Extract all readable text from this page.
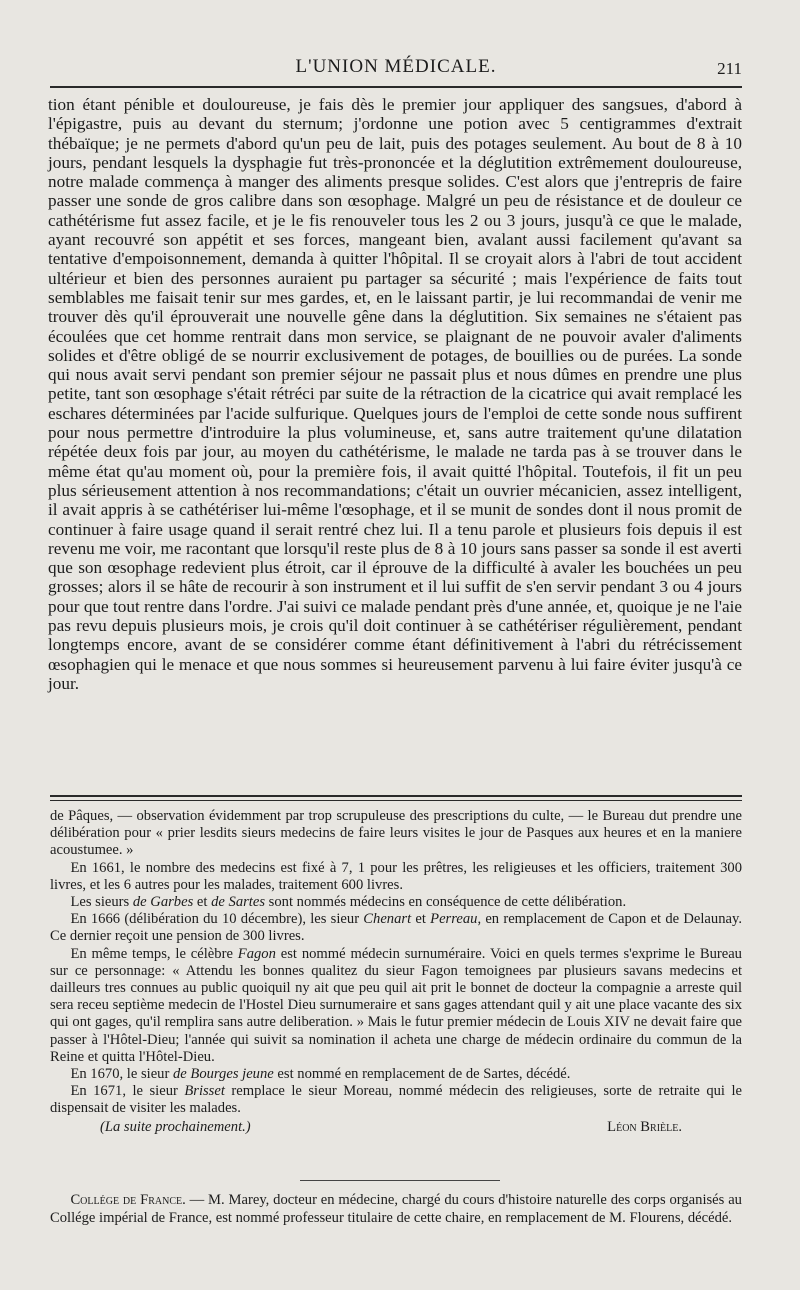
L'UNION MÉDICALE.	211

tion étant pénible et douloureuse, je fais dès le premier jour appliquer des sangsues, d'abord à l'épigastre, puis au devant du sternum; j'ordonne une potion avec 5 centigrammes d'extrait thébaïque; je ne permets d'abord qu'un peu de lait, puis des potages seulement. Au bout de 8 à 10 jours, pendant lesquels la dysphagie fut très-prononcée et la déglutition extrêmement douloureuse, notre malade commença à manger des aliments presque solides. C'est alors que j'entrepris de faire passer une sonde de gros calibre dans son œsophage. Malgré un peu de résistance et de douleur ce cathétérisme fut assez facile, et je le fis renouveler tous les 2 ou 3 jours, jusqu'à ce que le malade, ayant recouvré son appétit et ses forces, mangeant bien, avalant aussi facilement qu'avant sa tentative d'empoisonnement, demanda à quitter l'hôpital. Il se croyait alors à l'abri de tout accident ultérieur et bien des personnes auraient pu partager sa sécurité ; mais l'expérience de faits tout semblables me faisait tenir sur mes gardes, et, en le laissant partir, je lui recommandai de venir me trouver dès qu'il éprouverait une nouvelle gêne dans la déglutition. Six semaines ne s'étaient pas écoulées que cet homme rentrait dans mon service, se plaignant de ne pouvoir avaler d'aliments solides et d'être obligé de se nourrir exclusivement de potages, de bouillies ou de purées. La sonde qui nous avait servi pendant son premier séjour ne passait plus et nous dûmes en prendre une plus petite, tant son œsophage s'était rétréci par suite de la rétraction de la cicatrice qui avait remplacé les eschares déterminées par l'acide sulfurique. Quelques jours de l'emploi de cette sonde nous suffirent pour nous permettre d'introduire la plus volumineuse, et, sans autre traitement qu'une dilatation répétée deux fois par jour, au moyen du cathétérisme, le malade ne tarda pas à se trouver dans le même état qu'au moment où, pour la première fois, il avait quitté l'hôpital. Toutefois, il fit un peu plus sérieusement attention à nos recommandations; c'était un ouvrier mécanicien, assez intelligent, il avait appris à se cathétériser lui-même l'œsophage, et il se munit de sondes dont il nous promit de continuer à faire usage quand il serait rentré chez lui. Il a tenu parole et plusieurs fois depuis il est revenu me voir, me racontant que lorsqu'il reste plus de 8 à 10 jours sans passer sa sonde il est averti que son œsophage redevient plus étroit, car il éprouve de la difficulté à avaler les bouchées un peu grosses; alors il se hâte de recourir à son instrument et il lui suffit de s'en servir pendant 3 ou 4 jours pour que tout rentre dans l'ordre. J'ai suivi ce malade pendant près d'une année, et, quoique je ne l'aie pas revu depuis plusieurs mois, je crois qu'il doit continuer à se cathétériser régulièrement, pendant longtemps encore, avant de se considérer comme étant définitivement à l'abri du rétrécissement œsophagien qui le menace et que nous sommes si heureusement parvenu à lui faire éviter jusqu'à ce jour.

de Pâques, — observation évidemment par trop scrupuleuse des prescriptions du culte, — le Bureau dut prendre une délibération pour « prier lesdits sieurs medecins de faire leurs visites le jour de Pasques aux heures et en la maniere acoustumee. »

En 1661, le nombre des medecins est fixé à 7, 1 pour les prêtres, les religieuses et les officiers, traitement 300 livres, et les 6 autres pour les malades, traitement 600 livres.

Les sieurs de Garbes et de Sartes sont nommés médecins en conséquence de cette délibération.

En 1666 (délibération du 10 décembre), les sieur Chenart et Perreau, en remplacement de Capon et de Delaunay. Ce dernier reçoit une pension de 300 livres.

En même temps, le célèbre Fagon est nommé médecin surnuméraire. Voici en quels termes s'exprime le Bureau sur ce personnage: « Attendu les bonnes qualitez du sieur Fagon temoignees par plusieurs savans medecins et dailleurs tres connues au public quoiquil ny ait que peu quil ait prit le bonnet de docteur la compagnie a arreste quil sera receu septième medecin de l'Hostel Dieu surnumeraire et sans gages attendant quil y ait une place vacante des six qui ont gages, qu'il remplira sans autre deliberation. » Mais le futur premier médecin de Louis XIV ne devait faire que passer à l'Hôtel-Dieu; l'année qui suivit sa nomination il acheta une charge de médecin ordinaire du commun de la Reine et quitta l'Hôtel-Dieu.

En 1670, le sieur de Bourges jeune est nommé en remplacement de de Sartes, décédé.

En 1671, le sieur Brisset remplace le sieur Moreau, nommé médecin des religieuses, sorte de retraite qui le dispensait de visiter les malades.

(La suite prochainement.)	Léon Brièle.

Collége de France. — M. Marey, docteur en médecine, chargé du cours d'histoire naturelle des corps organisés au Collége impérial de France, est nommé professeur titulaire de cette chaire, en remplacement de M. Flourens, décédé.
